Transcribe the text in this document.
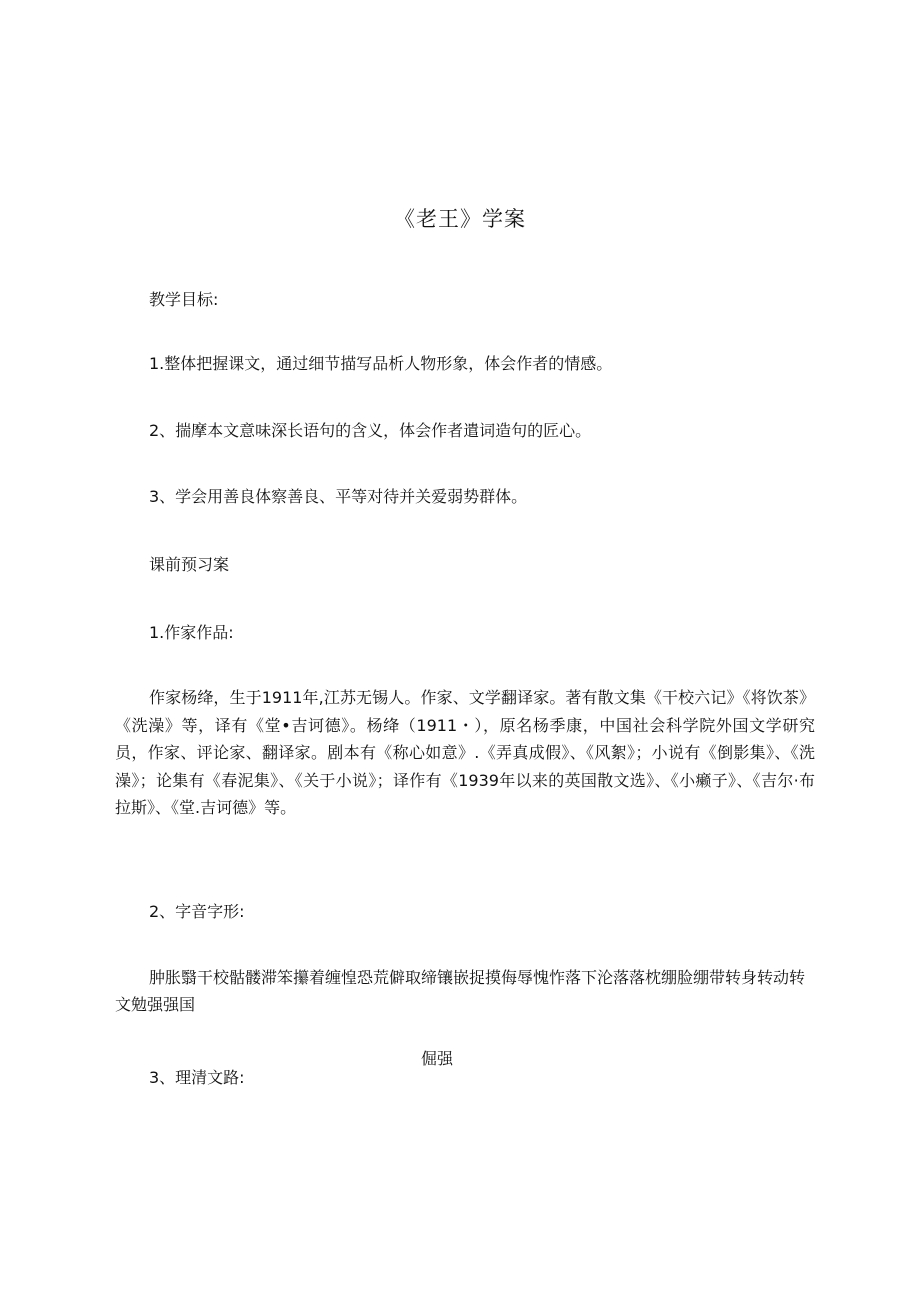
《老王》学案
教学目标:
1.整体把握课文，通过细节描写品析人物形象，体会作者的情感。
2、揣摩本文意味深长语句的含义，体会作者遣词造句的匠心。
3、学会用善良体察善良、平等对待并关爱弱势群体。
课前预习案
1.作家作品:
作家杨绛，生于1911年,江苏无锡人。作家、文学翻译家。著有散文集《干校六记》《将饮茶》《洗澡》等，译有《堂•吉诃德》。杨绛（1911・），原名杨季康，中国社会科学院外国文学研究员，作家、评论家、翻译家。剧本有《称心如意》.《弄真成假》、《风絮》；小说有《倒影集》、《洗澡》；论集有《春泥集》、《关于小说》；译作有《1939年以来的英国散文选》、《小癞子》、《吉尔·布拉斯》、《堂.吉诃德》等。
2、字音字形:
肿胀翳干校骷髅滞笨攥着缠惶恐荒僻取缔镶嵌捉摸侮辱愧怍落下沦落落枕绷脸绷带转身转动转文勉强强国
倔强
3、理清文路:
